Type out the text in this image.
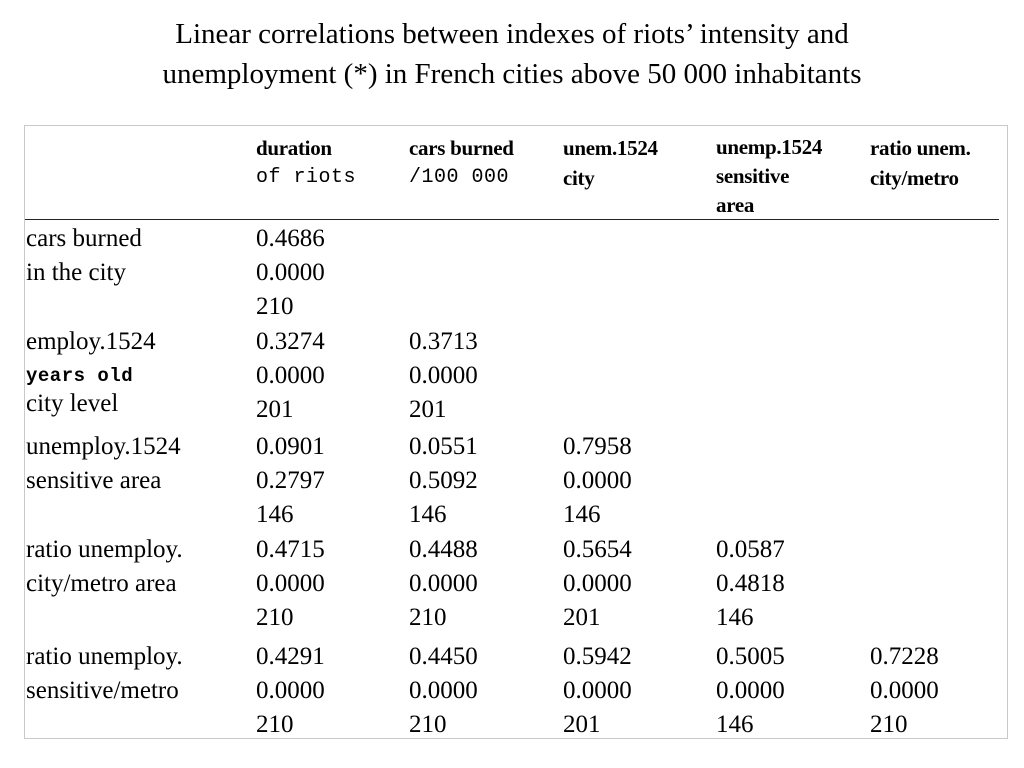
Linear correlations between indexes of riots’ intensity and
unemployment (*) in French cities above 50 000 inhabitants
duration
of riots
cars burned
/100 000
unem.1524
city
unemp.1524
sensitive
area
ratio unem.
city/metro
cars burned
in the city
0.4686
0.0000
210
employ.1524
years old
city level
0.3274
0.0000
201
0.3713
0.0000
201
unemploy.1524
sensitive area
0.0901
0.2797
146
0.0551
0.5092
146
0.7958
0.0000
146
ratio unemploy.
city/metro area
0.4715
0.0000
210
0.4488
0.0000
210
0.5654
0.0000
201
0.0587
0.4818
146
ratio unemploy.
sensitive/metro
0.4291
0.0000
210
0.4450
0.0000
210
0.5942
0.0000
201
0.5005
0.0000
146
0.7228
0.0000
210
